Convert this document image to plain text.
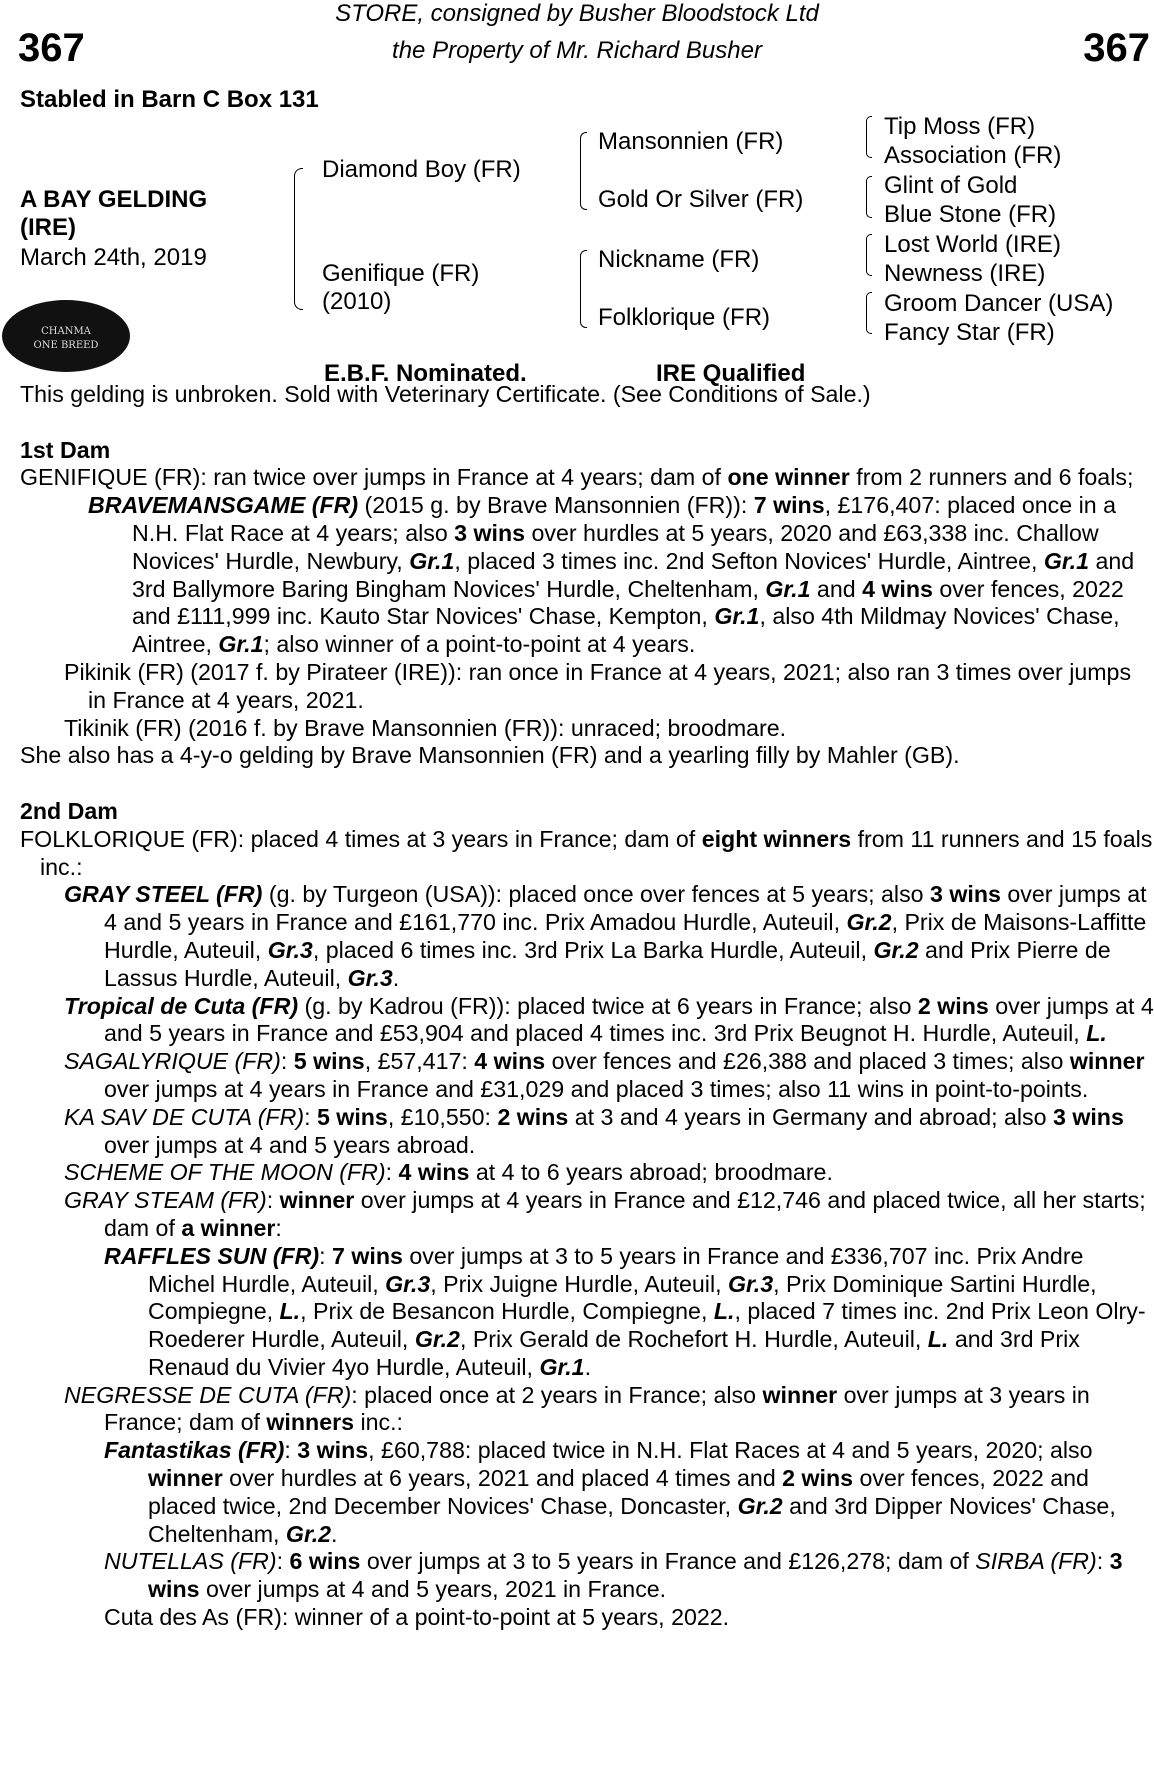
367	367
STORE, consigned by Busher Bloodstock Ltd
the Property of Mr. Richard Busher
Stabled in Barn C Box 131
A BAY GELDING
(IRE)
March 24th, 2019
Diamond Boy (FR)
Genifique (FR)
(2010)
Mansonnien (FR)
Gold Or Silver (FR)
Nickname (FR)
Folklorique (FR)
Tip Moss (FR)
Association (FR)
Glint of Gold
Blue Stone (FR)
Lost World (IRE)
Newness (IRE)
Groom Dancer (USA)
Fancy Star (FR)
CHANMA
ONE BREED
E.B.F. Nominated.	IRE Qualified

This gelding is unbroken. Sold with Veterinary Certificate. (See Conditions of Sale.)

1st Dam

GENIFIQUE (FR): ran twice over jumps in France at 4 years; dam of one winner from 2 runners and 6 foals;

BRAVEMANSGAME (FR) (2015 g. by Brave Mansonnien (FR)): 7 wins, £176,407: placed once in a N.H. Flat Race at 4 years; also 3 wins over hurdles at 5 years, 2020 and £63,338 inc. Challow Novices' Hurdle, Newbury, Gr.1, placed 3 times inc. 2nd Sefton Novices' Hurdle, Aintree, Gr.1 and 3rd Ballymore Baring Bingham Novices' Hurdle, Cheltenham, Gr.1 and 4 wins over fences, 2022 and £111,999 inc. Kauto Star Novices' Chase, Kempton, Gr.1, also 4th Mildmay Novices' Chase, Aintree, Gr.1; also winner of a point-to-point at 4 years.

Pikinik (FR) (2017 f. by Pirateer (IRE)): ran once in France at 4 years, 2021; also ran 3 times over jumps in France at 4 years, 2021.

Tikinik (FR) (2016 f. by Brave Mansonnien (FR)): unraced; broodmare.

She also has a 4-y-o gelding by Brave Mansonnien (FR) and a yearling filly by Mahler (GB).

2nd Dam

FOLKLORIQUE (FR): placed 4 times at 3 years in France; dam of eight winners from 11 runners and 15 foals inc.:

GRAY STEEL (FR) (g. by Turgeon (USA)): placed once over fences at 5 years; also 3 wins over jumps at 4 and 5 years in France and £161,770 inc. Prix Amadou Hurdle, Auteuil, Gr.2, Prix de Maisons-Laffitte Hurdle, Auteuil, Gr.3, placed 6 times inc. 3rd Prix La Barka Hurdle, Auteuil, Gr.2 and Prix Pierre de Lassus Hurdle, Auteuil, Gr.3.

Tropical de Cuta (FR) (g. by Kadrou (FR)): placed twice at 6 years in France; also 2 wins over jumps at 4 and 5 years in France and £53,904 and placed 4 times inc. 3rd Prix Beugnot H. Hurdle, Auteuil, L.

SAGALYRIQUE (FR): 5 wins, £57,417: 4 wins over fences and £26,388 and placed 3 times; also winner over jumps at 4 years in France and £31,029 and placed 3 times; also 11 wins in point-to-points.

KA SAV DE CUTA (FR): 5 wins, £10,550: 2 wins at 3 and 4 years in Germany and abroad; also 3 wins over jumps at 4 and 5 years abroad.

SCHEME OF THE MOON (FR): 4 wins at 4 to 6 years abroad; broodmare.

GRAY STEAM (FR): winner over jumps at 4 years in France and £12,746 and placed twice, all her starts; dam of a winner:

RAFFLES SUN (FR): 7 wins over jumps at 3 to 5 years in France and £336,707 inc. Prix Andre Michel Hurdle, Auteuil, Gr.3, Prix Juigne Hurdle, Auteuil, Gr.3, Prix Dominique Sartini Hurdle, Compiegne, L., Prix de Besancon Hurdle, Compiegne, L., placed 7 times inc. 2nd Prix Leon Olry-Roederer Hurdle, Auteuil, Gr.2, Prix Gerald de Rochefort H. Hurdle, Auteuil, L. and 3rd Prix Renaud du Vivier 4yo Hurdle, Auteuil, Gr.1.

NEGRESSE DE CUTA (FR): placed once at 2 years in France; also winner over jumps at 3 years in France; dam of winners inc.:

Fantastikas (FR): 3 wins, £60,788: placed twice in N.H. Flat Races at 4 and 5 years, 2020; also winner over hurdles at 6 years, 2021 and placed 4 times and 2 wins over fences, 2022 and placed twice, 2nd December Novices' Chase, Doncaster, Gr.2 and 3rd Dipper Novices' Chase, Cheltenham, Gr.2.

NUTELLAS (FR): 6 wins over jumps at 3 to 5 years in France and £126,278; dam of SIRBA (FR): 3 wins over jumps at 4 and 5 years, 2021 in France.

Cuta des As (FR): winner of a point-to-point at 5 years, 2022.
